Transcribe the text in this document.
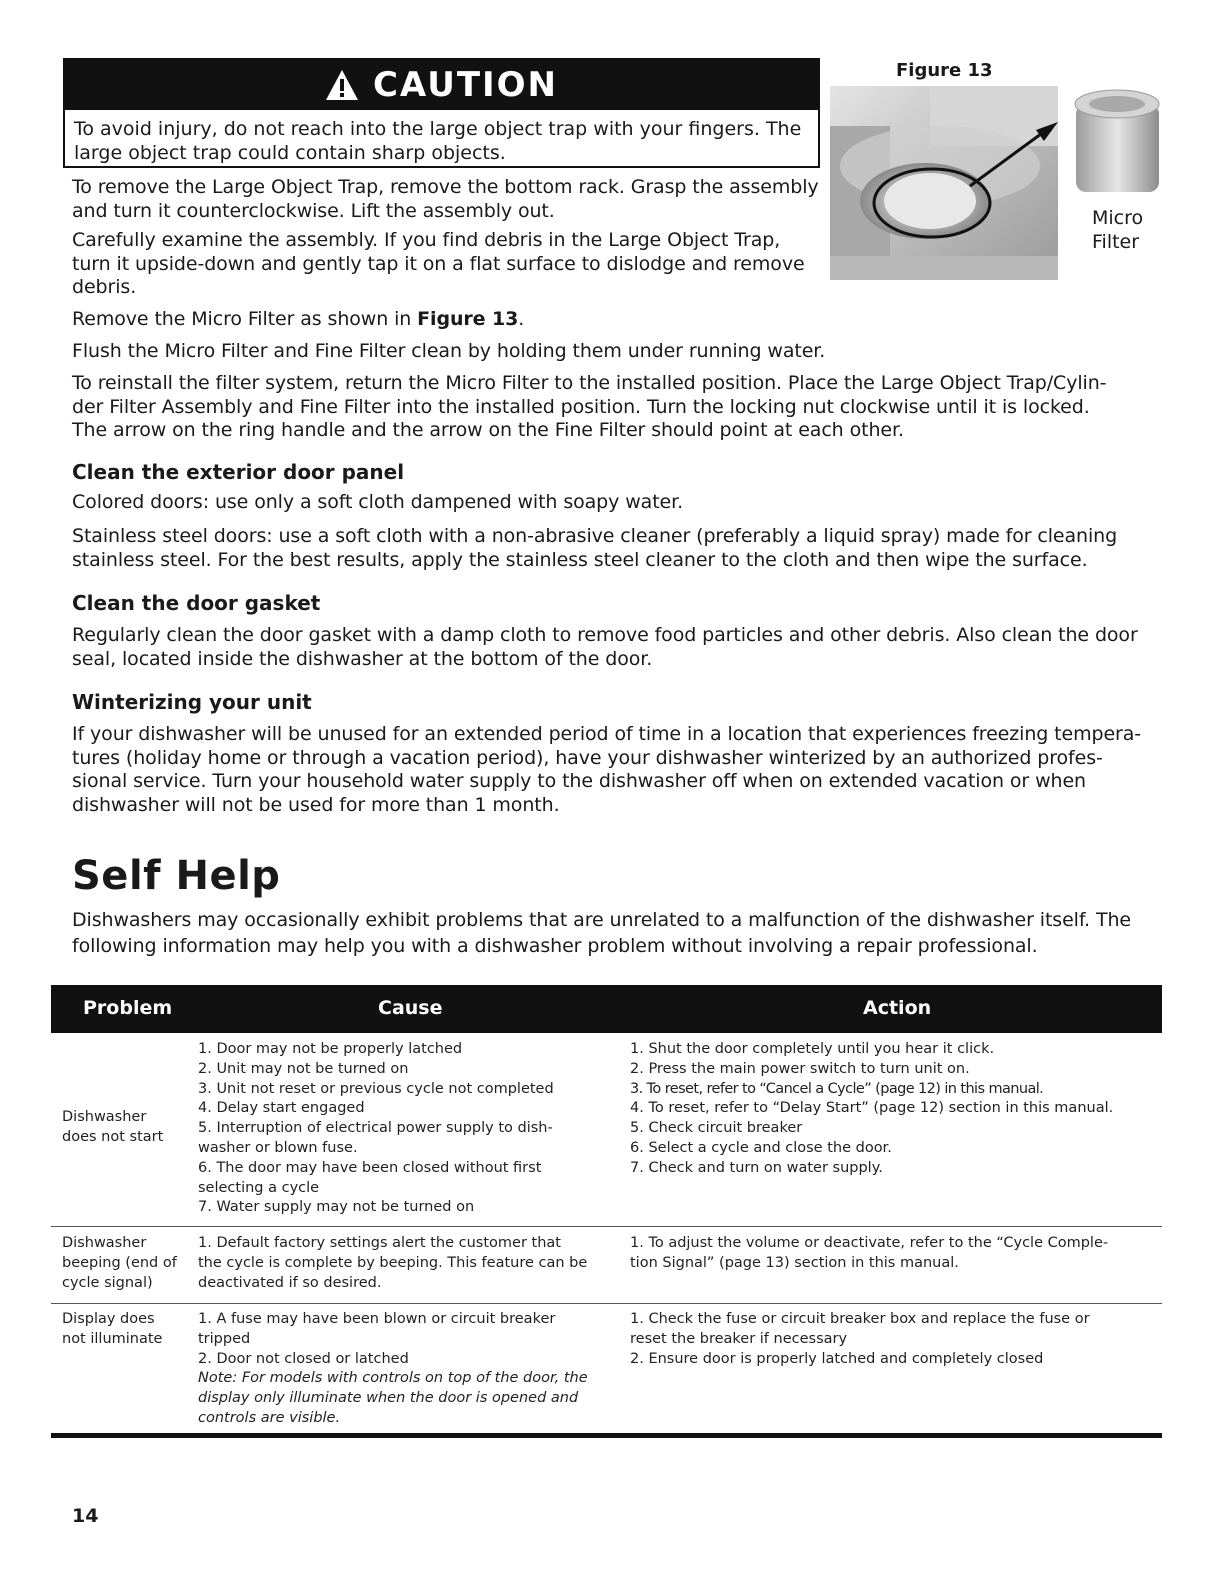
CAUTION
To avoid injury, do not reach into the large object trap with your fingers. The
large object trap could contain sharp objects.
Figure 13
Micro
Filter
To remove the Large Object Trap, remove the bottom rack. Grasp the assembly
and turn it counterclockwise. Lift the assembly out.
Carefully examine the assembly. If you find debris in the Large Object Trap,
turn it upside-down and gently tap it on a flat surface to dislodge and remove
debris.
Remove the Micro Filter as shown in Figure 13.
Flush the Micro Filter and Fine Filter clean by holding them under running water.
To reinstall the filter system, return the Micro Filter to the installed position. Place the Large Object Trap/Cylin-
der Filter Assembly and Fine Filter into the installed position. Turn the locking nut clockwise until it is locked.
The arrow on the ring handle and the arrow on the Fine Filter should point at each other.
Clean the exterior door panel
Colored doors: use only a soft cloth dampened with soapy water.
Stainless steel doors: use a soft cloth with a non-abrasive cleaner (preferably a liquid spray) made for cleaning
stainless steel. For the best results, apply the stainless steel cleaner to the cloth and then wipe the surface.
Clean the door gasket
Regularly clean the door gasket with a damp cloth to remove food particles and other debris. Also clean the door
seal, located inside the dishwasher at the bottom of the door.
Winterizing your unit
If your dishwasher will be unused for an extended period of time in a location that experiences freezing tempera-
tures (holiday home or through a vacation period), have your dishwasher winterized by an authorized profes-
sional service. Turn your household water supply to the dishwasher off when on extended vacation or when
dishwasher will not be used for more than 1 month.
Self Help
Dishwashers may occasionally exhibit problems that are unrelated to a malfunction of the dishwasher itself. The
following information may help you with a dishwasher problem without involving a repair professional.
Problem	Cause	Action
Dishwasher
does not start
1. Door may not be properly latched
2. Unit may not be turned on
3. Unit not reset or previous cycle not completed
4. Delay start engaged
5. Interruption of electrical power supply to dish-
washer or blown fuse.
6. The door may have been closed without first
selecting a cycle
7. Water supply may not be turned on
1. Shut the door completely until you hear it click.
2. Press the main power switch to turn unit on.
3. To reset, refer to “Cancel a Cycle” (page 12) in this manual.
4. To reset, refer to “Delay Start” (page 12) section in this manual.
5. Check circuit breaker
6. Select a cycle and close the door.
7. Check and turn on water supply.
Dishwasher
beeping (end of
cycle signal)
1. Default factory settings alert the customer that
the cycle is complete by beeping. This feature can be
deactivated if so desired.
1. To adjust the volume or deactivate, refer to the “Cycle Comple-
tion Signal” (page 13) section in this manual.
Display does
not illuminate
1. A fuse may have been blown or circuit breaker
tripped
2. Door not closed or latched
Note: For models with controls on top of the door, the
display only illuminate when the door is opened and
controls are visible.
1. Check the fuse or circuit breaker box and replace the fuse or
reset the breaker if necessary
2. Ensure door is properly latched and completely closed
14
